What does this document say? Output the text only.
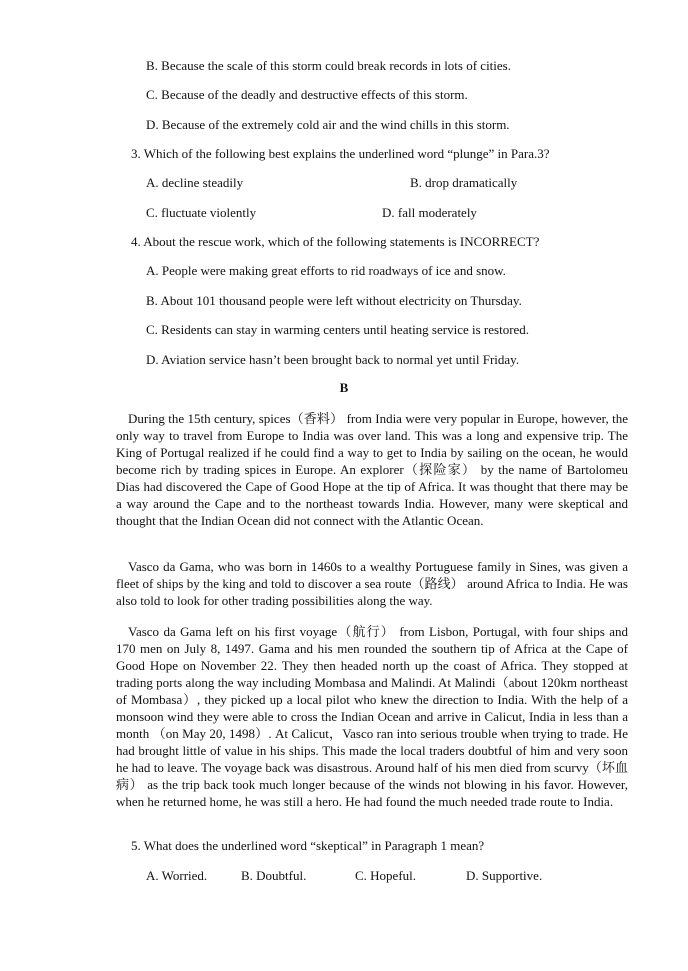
B. Because the scale of this storm could break records in lots of cities.
C. Because of the deadly and destructive effects of this storm.
D. Because of the extremely cold air and the wind chills in this storm.
3. Which of the following best explains the underlined word “plunge” in Para.3?
A. decline steadily	B. drop dramatically
C. fluctuate violently	D. fall moderately
4. About the rescue work, which of the following statements is INCORRECT?
A. People were making great efforts to rid roadways of ice and snow.
B. About 101 thousand people were left without electricity on Thursday.
C. Residents can stay in warming centers until heating service is restored.
D. Aviation service hasn’t been brought back to normal yet until Friday.
B
During the 15th century, spices（香料） from India were very popular in Europe, however, the only way to travel from Europe to India was over land. This was a long and expensive trip. The King of Portugal realized if he could find a way to get to India by sailing on the ocean, he would become rich by trading spices in Europe. An explorer（探险家） by the name of Bartolomeu Dias had discovered the Cape of Good Hope at the tip of Africa. It was thought that there may be a way around the Cape and to the northeast towards India. However, many were skeptical and thought that the Indian Ocean did not connect with the Atlantic Ocean.
Vasco da Gama, who was born in 1460s to a wealthy Portuguese family in Sines, was given a fleet of ships by the king and told to discover a sea route（路线） around Africa to India. He was also told to look for other trading possibilities along the way.
Vasco da Gama left on his first voyage（航行） from Lisbon, Portugal, with four ships and 170 men on July 8, 1497. Gama and his men rounded the southern tip of Africa at the Cape of Good Hope on November 22. They then headed north up the coast of Africa. They stopped at trading ports along the way including Mombasa and Malindi. At Malindi（about 120km northeast of Mombasa）, they picked up a local pilot who knew the direction to India. With the help of a monsoon wind they were able to cross the Indian Ocean and arrive in Calicut, India in less than a month （on May 20, 1498）. At Calicut，Vasco ran into serious trouble when trying to trade. He had brought little of value in his ships. This made the local traders doubtful of him and very soon he had to leave. The voyage back was disastrous. Around half of his men died from scurvy（坏血病） as the trip back took much longer because of the winds not blowing in his favor. However, when he returned home, he was still a hero. He had found the much needed trade route to India.
5. What does the underlined word “skeptical” in Paragraph 1 mean?
A. Worried.	B. Doubtful.	C. Hopeful.	D. Supportive.
